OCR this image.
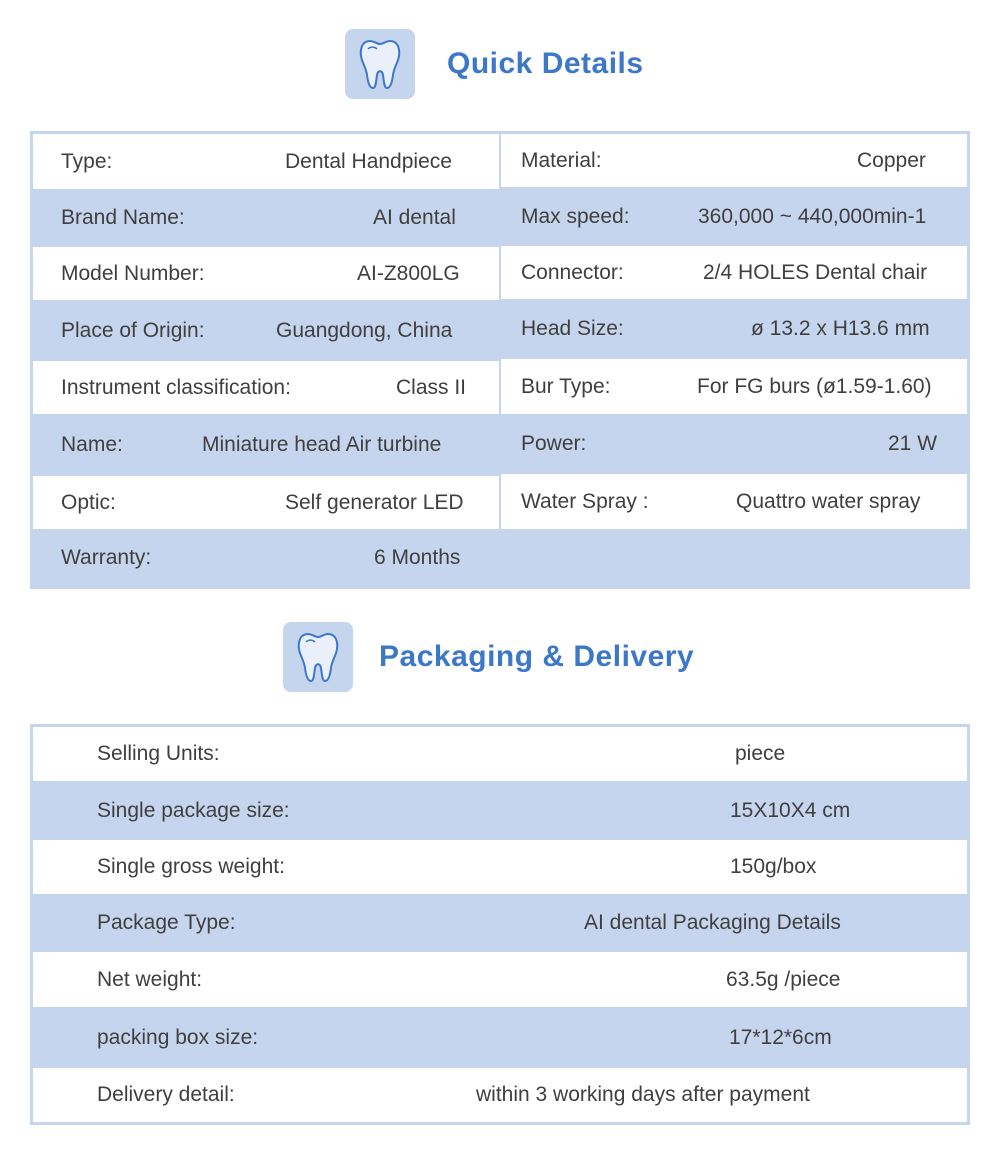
Quick Details
Type:	Dental Handpiece
Brand Name:	AI dental
Model Number:	AI-Z800LG
Place of Origin:	Guangdong, China
Instrument classification:	Class II
Name:	Miniature head Air turbine
Optic:	Self generator LED
Warranty:	6 Months
Material:	Copper
Max speed:	360,000 ~ 440,000min-1
Connector:	2/4 HOLES Dental chair
Head Size:	ø 13.2 x H13.6 mm
Bur Type:	For FG burs (ø1.59-1.60)
Power:	21 W
Water Spray :	Quattro water spray
Packaging & Delivery
Selling Units:	piece
Single package size:	15X10X4 cm
Single gross weight:	150g/box
Package Type:	AI dental Packaging Details
Net weight:	63.5g /piece
packing box size:	17*12*6cm
Delivery detail:	within 3 working days after payment
